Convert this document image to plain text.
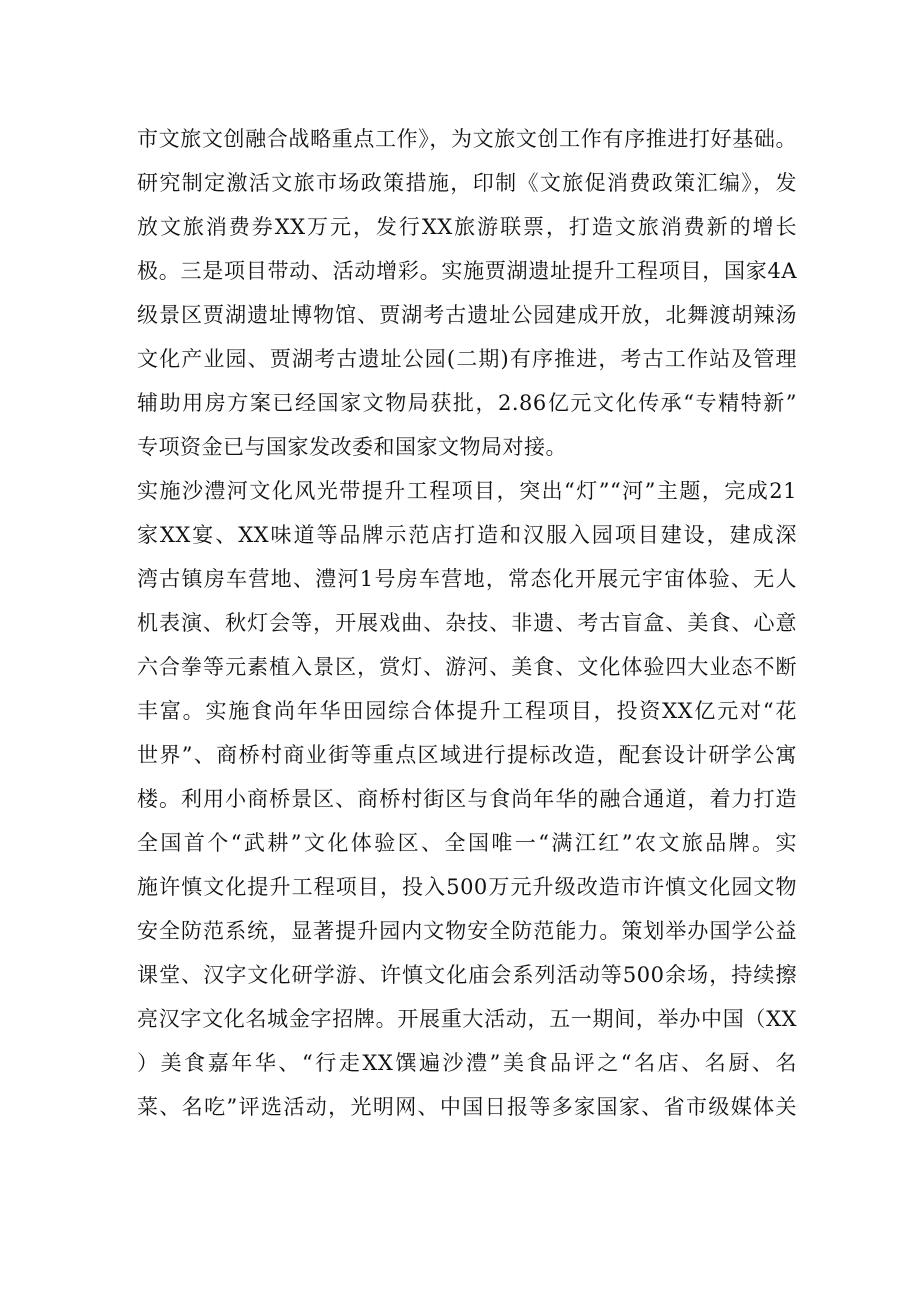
市文旅文创融合战略重点工作》，为文旅文创工作有序推进打好基础。
研究制定激活文旅市场政策措施，印制《文旅促消费政策汇编》，发
放文旅消费券XX万元，发行XX旅游联票，打造文旅消费新的增长
极。三是项目带动、活动增彩。实施贾湖遗址提升工程项目，国家4A
级景区贾湖遗址博物馆、贾湖考古遗址公园建成开放，北舞渡胡辣汤
文化产业园、贾湖考古遗址公园(二期)有序推进，考古工作站及管理
辅助用房方案已经国家文物局获批，2.86亿元文化传承“专精特新”
专项资金已与国家发改委和国家文物局对接。
实施沙澧河文化风光带提升工程项目，突出“灯”“河”主题，完成21
家XX宴、XX味道等品牌示范店打造和汉服入园项目建设，建成深
湾古镇房车营地、澧河1号房车营地，常态化开展元宇宙体验、无人
机表演、秋灯会等，开展戏曲、杂技、非遗、考古盲盒、美食、心意
六合拳等元素植入景区，赏灯、游河、美食、文化体验四大业态不断
丰富。实施食尚年华田园综合体提升工程项目，投资XX亿元对“花
世界”、商桥村商业街等重点区域进行提标改造，配套设计研学公寓
楼。利用小商桥景区、商桥村街区与食尚年华的融合通道，着力打造
全国首个“武耕”文化体验区、全国唯一“满江红”农文旅品牌。实
施许慎文化提升工程项目，投入500万元升级改造市许慎文化园文物
安全防范系统，显著提升园内文物安全防范能力。策划举办国学公益
课堂、汉字文化研学游、许慎文化庙会系列活动等500余场，持续擦
亮汉字文化名城金字招牌。开展重大活动，五一期间，举办中国（XX
）美食嘉年华、“行走XX馔遍沙澧”美食品评之“名店、名厨、名
菜、名吃”评选活动，光明网、中国日报等多家国家、省市级媒体关
